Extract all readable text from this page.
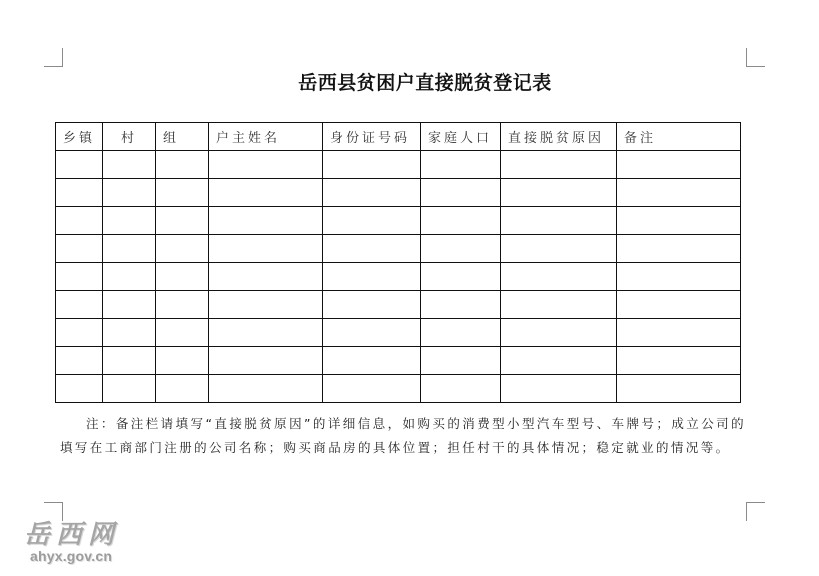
岳西县贫困户直接脱贫登记表
乡镇	村	组	户主姓名	身份证号码	家庭人口	直接脱贫原因	备注

注：备注栏请填写“直接脱贫原因”的详细信息，如购买的消费型小型汽车型号、车牌号；成立公司的填写在工商部门注册的公司名称；购买商品房的具体位置；担任村干的具体情况；稳定就业的情况等。
岳西网
ahyx.gov.cn
